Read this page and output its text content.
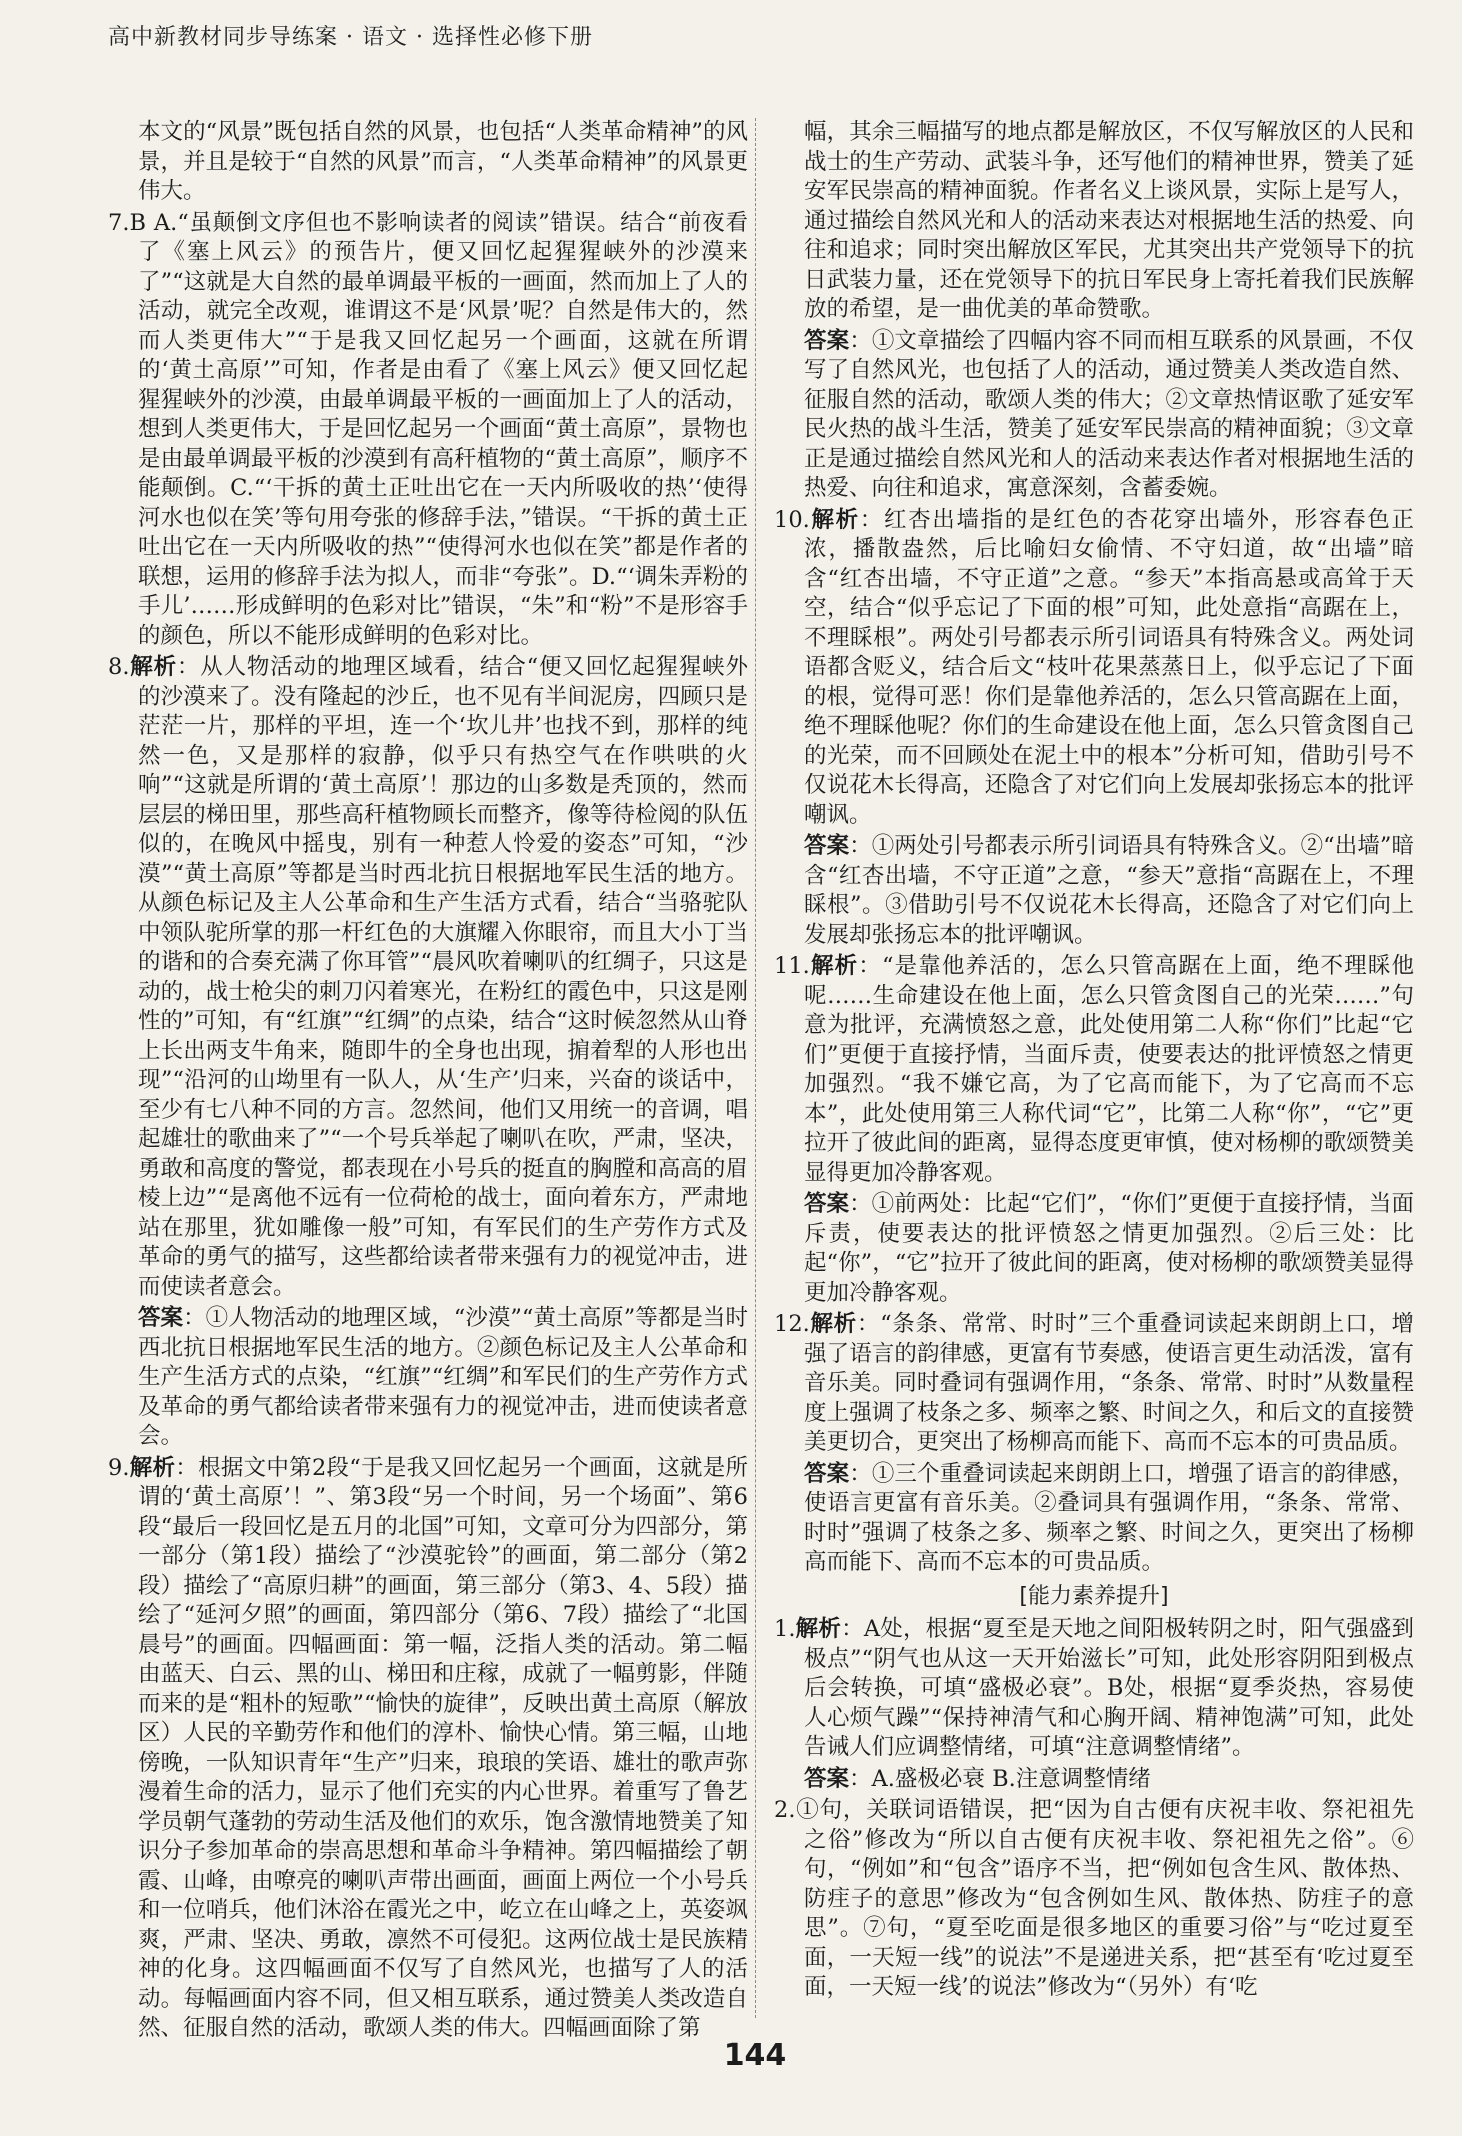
高中新教材同步导练案 · 语文 · 选择性必修下册

本文的“风景”既包括自然的风景，也包括“人类革命精神”的风景，并且是较于“自然的风景”而言，“人类革命精神”的风景更伟大。

7.B A.“虽颠倒文序但也不影响读者的阅读”错误。结合“前夜看了《塞上风云》的预告片，便又回忆起猩猩峡外的沙漠来了”“这就是大自然的最单调最平板的一画面，然而加上了人的活动，就完全改观，谁谓这不是‘风景’呢？自然是伟大的，然而人类更伟大”“于是我又回忆起另一个画面，这就在所谓的‘黄土高原’”可知，作者是由看了《塞上风云》便又回忆起猩猩峡外的沙漠，由最单调最平板的一画面加上了人的活动，想到人类更伟大，于是回忆起另一个画面“黄土高原”，景物也是由最单调最平板的沙漠到有高秆植物的“黄土高原”，顺序不能颠倒。C.“‘干拆的黄土正吐出它在一天内所吸收的热’‘使得河水也似在笑’等句用夸张的修辞手法，”错误。“干拆的黄土正吐出它在一天内所吸收的热”“使得河水也似在笑”都是作者的联想，运用的修辞手法为拟人，而非“夸张”。D.“‘调朱弄粉的手儿’……形成鲜明的色彩对比”错误，“朱”和“粉”不是形容手的颜色，所以不能形成鲜明的色彩对比。

8.解析：从人物活动的地理区域看，结合“便又回忆起猩猩峡外的沙漠来了。没有隆起的沙丘，也不见有半间泥房，四顾只是茫茫一片，那样的平坦，连一个‘坎儿井’也找不到，那样的纯然一色，又是那样的寂静，似乎只有热空气在作哄哄的火响”“这就是所谓的‘黄土高原’！那边的山多数是秃顶的，然而层层的梯田里，那些高秆植物顾长而整齐，像等待检阅的队伍似的，在晚风中摇曳，别有一种惹人怜爱的姿态”可知，“沙漠”“黄土高原”等都是当时西北抗日根据地军民生活的地方。从颜色标记及主人公革命和生产生活方式看，结合“当骆驼队中领队驼所掌的那一杆红色的大旗耀入你眼帘，而且大小丁当的谐和的合奏充满了你耳管”“晨风吹着喇叭的红绸子，只这是动的，战士枪尖的刺刀闪着寒光，在粉红的霞色中，只这是刚性的”可知，有“红旗”“红绸”的点染，结合“这时候忽然从山脊上长出两支牛角来，随即牛的全身也出现，掮着犁的人形也出现”“沿河的山坳里有一队人，从‘生产’归来，兴奋的谈话中，至少有七八种不同的方言。忽然间，他们又用统一的音调，唱起雄壮的歌曲来了”“一个号兵举起了喇叭在吹，严肃，坚决，勇敢和高度的警觉，都表现在小号兵的挺直的胸膛和高高的眉棱上边”“是离他不远有一位荷枪的战士，面向着东方，严肃地站在那里，犹如雕像一般”可知，有军民们的生产劳作方式及革命的勇气的描写，这些都给读者带来强有力的视觉冲击，进而使读者意会。

答案：①人物活动的地理区域，“沙漠”“黄土高原”等都是当时西北抗日根据地军民生活的地方。②颜色标记及主人公革命和生产生活方式的点染，“红旗”“红绸”和军民们的生产劳作方式及革命的勇气都给读者带来强有力的视觉冲击，进而使读者意会。

9.解析：根据文中第2段“于是我又回忆起另一个画面，这就是所谓的‘黄土高原’！”、第3段“另一个时间，另一个场面”、第6段“最后一段回忆是五月的北国”可知，文章可分为四部分，第一部分（第1段）描绘了“沙漠驼铃”的画面，第二部分（第2段）描绘了“高原归耕”的画面，第三部分（第3、4、5段）描绘了“延河夕照”的画面，第四部分（第6、7段）描绘了“北国晨号”的画面。四幅画面：第一幅，泛指人类的活动。第二幅由蓝天、白云、黑的山、梯田和庄稼，成就了一幅剪影，伴随而来的是“粗朴的短歌”“愉快的旋律”，反映出黄土高原（解放区）人民的辛勤劳作和他们的淳朴、愉快心情。第三幅，山地傍晚，一队知识青年“生产”归来，琅琅的笑语、雄壮的歌声弥漫着生命的活力，显示了他们充实的内心世界。着重写了鲁艺学员朝气蓬勃的劳动生活及他们的欢乐，饱含激情地赞美了知识分子参加革命的崇高思想和革命斗争精神。第四幅描绘了朝霞、山峰，由嘹亮的喇叭声带出画面，画面上两位一个小号兵和一位哨兵，他们沐浴在霞光之中，屹立在山峰之上，英姿飒爽，严肃、坚决、勇敢，凛然不可侵犯。这两位战士是民族精神的化身。这四幅画面不仅写了自然风光，也描写了人的活动。每幅画面内容不同，但又相互联系，通过赞美人类改造自然、征服自然的活动，歌颂人类的伟大。四幅画面除了第

幅，其余三幅描写的地点都是解放区，不仅写解放区的人民和战士的生产劳动、武装斗争，还写他们的精神世界，赞美了延安军民崇高的精神面貌。作者名义上谈风景，实际上是写人，通过描绘自然风光和人的活动来表达对根据地生活的热爱、向往和追求；同时突出解放区军民，尤其突出共产党领导下的抗日武装力量，还在党领导下的抗日军民身上寄托着我们民族解放的希望，是一曲优美的革命赞歌。

答案：①文章描绘了四幅内容不同而相互联系的风景画，不仅写了自然风光，也包括了人的活动，通过赞美人类改造自然、征服自然的活动，歌颂人类的伟大；②文章热情讴歌了延安军民火热的战斗生活，赞美了延安军民崇高的精神面貌；③文章正是通过描绘自然风光和人的活动来表达作者对根据地生活的热爱、向往和追求，寓意深刻，含蓄委婉。

10.解析：红杏出墙指的是红色的杏花穿出墙外，形容春色正浓，播散盎然，后比喻妇女偷情、不守妇道，故“出墙”暗含“红杏出墙，不守正道”之意。“参天”本指高悬或高耸于天空，结合“似乎忘记了下面的根”可知，此处意指“高踞在上，不理睬根”。两处引号都表示所引词语具有特殊含义。两处词语都含贬义，结合后文“枝叶花果蒸蒸日上，似乎忘记了下面的根，觉得可恶！你们是靠他养活的，怎么只管高踞在上面，绝不理睬他呢？你们的生命建设在他上面，怎么只管贪图自己的光荣，而不回顾处在泥土中的根本”分析可知，借助引号不仅说花木长得高，还隐含了对它们向上发展却张扬忘本的批评嘲讽。

答案：①两处引号都表示所引词语具有特殊含义。②“出墙”暗含“红杏出墙，不守正道”之意，“参天”意指“高踞在上，不理睬根”。③借助引号不仅说花木长得高，还隐含了对它们向上发展却张扬忘本的批评嘲讽。

11.解析：“是靠他养活的，怎么只管高踞在上面，绝不理睬他呢……生命建设在他上面，怎么只管贪图自己的光荣……”句意为批评，充满愤怒之意，此处使用第二人称“你们”比起“它们”更便于直接抒情，当面斥责，使要表达的批评愤怒之情更加强烈。“我不嫌它高，为了它高而能下，为了它高而不忘本”，此处使用第三人称代词“它”，比第二人称“你”，“它”更拉开了彼此间的距离，显得态度更审慎，使对杨柳的歌颂赞美显得更加冷静客观。

答案：①前两处：比起“它们”，“你们”更便于直接抒情，当面斥责，使要表达的批评愤怒之情更加强烈。②后三处：比起“你”，“它”拉开了彼此间的距离，使对杨柳的歌颂赞美显得更加冷静客观。

12.解析：“条条、常常、时时”三个重叠词读起来朗朗上口，增强了语言的韵律感，更富有节奏感，使语言更生动活泼，富有音乐美。同时叠词有强调作用，“条条、常常、时时”从数量程度上强调了枝条之多、频率之繁、时间之久，和后文的直接赞美更切合，更突出了杨柳高而能下、高而不忘本的可贵品质。

答案：①三个重叠词读起来朗朗上口，增强了语言的韵律感，使语言更富有音乐美。②叠词具有强调作用，“条条、常常、时时”强调了枝条之多、频率之繁、时间之久，更突出了杨柳高而能下、高而不忘本的可贵品质。

[能力素养提升]

1.解析：A处，根据“夏至是天地之间阳极转阴之时，阳气强盛到极点”“阴气也从这一天开始滋长”可知，此处形容阴阳到极点后会转换，可填“盛极必衰”。B处，根据“夏季炎热，容易使人心烦气躁”“保持神清气和心胸开阔、精神饱满”可知，此处告诫人们应调整情绪，可填“注意调整情绪”。

答案：A.盛极必衰 B.注意调整情绪

2.①句，关联词语错误，把“因为自古便有庆祝丰收、祭祀祖先之俗”修改为“所以自古便有庆祝丰收、祭祀祖先之俗”。⑥句，“例如”和“包含”语序不当，把“例如包含生风、散体热、防疰子的意思”修改为“包含例如生风、散体热、防疰子的意思”。⑦句，“夏至吃面是很多地区的重要习俗”与“吃过夏至面，一天短一线”的说法”不是递进关系，把“甚至有‘吃过夏至面，一天短一线’的说法”修改为“（另外）有‘吃

144
